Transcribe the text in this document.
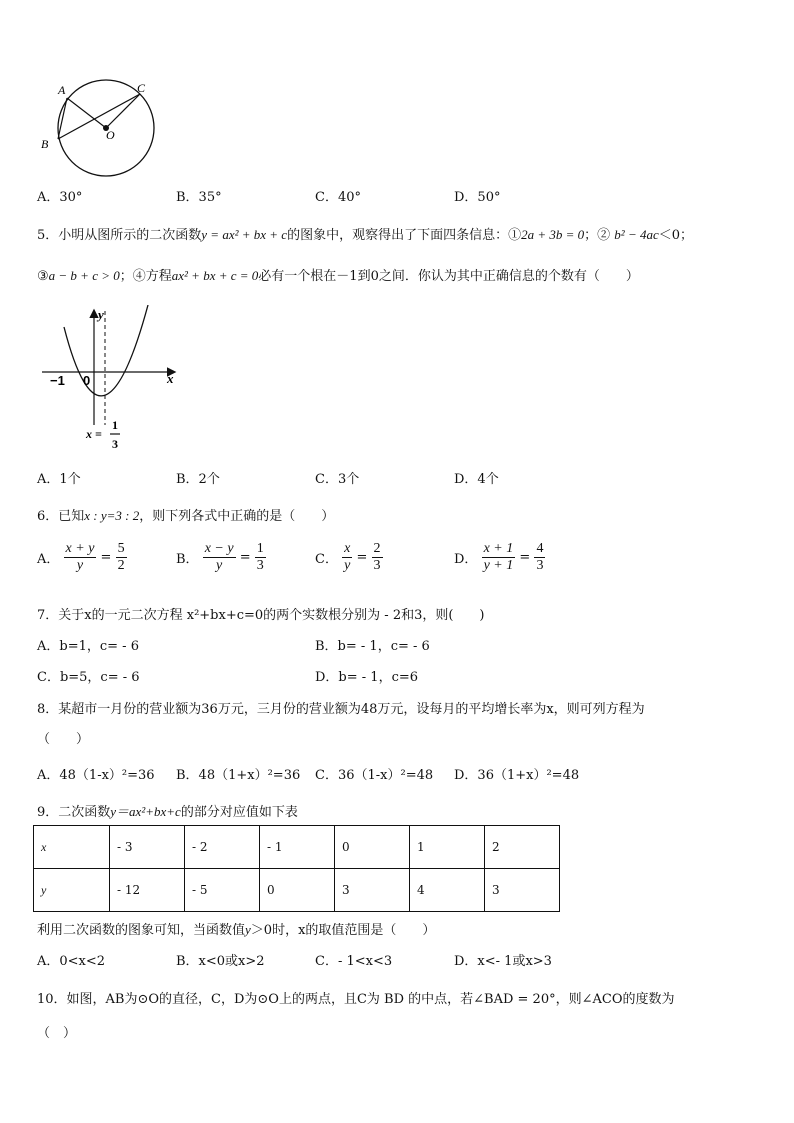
A
B
C
O
A．30°	B．35°	C．40°	D．50°
5．小明从图所示的二次函数y = ax² + bx + c的图象中，观察得出了下面四条信息：①2a + 3b = 0；② b² − 4ac＜0；
③a − b + c > 0；④方程ax² + bx + c = 0必有一个根在－1到0之间．你认为其中正确信息的个数有（　　）
y
x
−1 0
x =
1
3
A．1个	B．2个	C．3个	D．4个
6．已知x : y=3 : 2，则下列各式中正确的是（　　）
A． $\frac{x + y}{y} = \frac{5}{2}$	B． $\frac{x - y}{y} = \frac{1}{3}$	C． $\frac{x}{y} = \frac{2}{3}$	D． $\frac{x + 1}{y + 1} = \frac{4}{3}$
7．关于x的一元二次方程 x²+bx+c=0的两个实数根分别为 - 2和3，则(　　)
A．b=1，c= - 6	B．b= - 1，c= - 6
C．b=5，c= - 6	D．b= - 1，c=6
8．某超市一月份的营业额为36万元，三月份的营业额为48万元，设每月的平均增长率为x，则可列方程为
（　　）
A．48（1-x）²=36 B．48（1+x）²=36 C．36（1-x）²=48 D．36（1+x）²=48
9．二次函数y＝ax²+bx+c的部分对应值如下表
x	- 3	- 2	- 1	0	1	2
y	- 12	- 5	0	3	4	3
利用二次函数的图象可知，当函数值y＞0时，x的取值范围是（　　）
A．0<x<2	B．x<0或x>2	C．- 1<x<3	D．x<- 1或x>3
10．如图，AB为⊙O的直径，C，D为⊙O上的两点，且C为 BD 的中点，若∠BAD = 20°，则∠ACO的度数为
（　）
